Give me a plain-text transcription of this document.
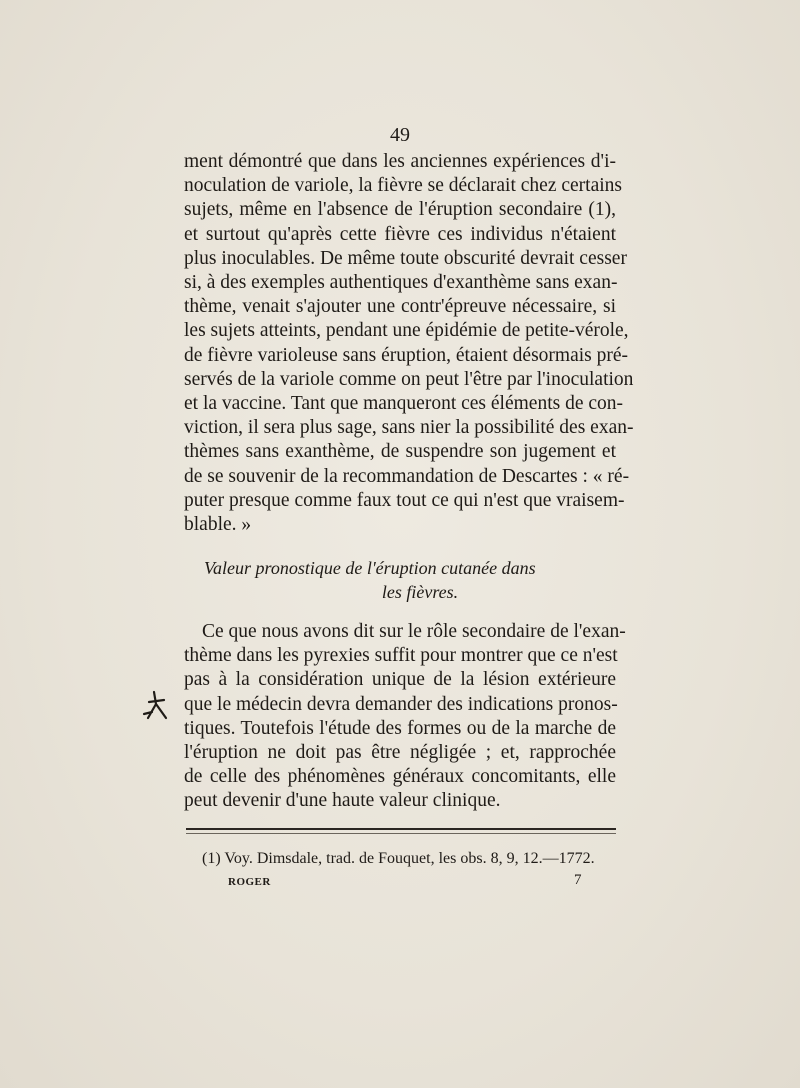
49
ment démontré que dans les anciennes expériences d'i-
noculation de variole, la fièvre se déclarait chez certains
sujets, même en l'absence de l'éruption secondaire (1),
et surtout qu'après cette fièvre ces individus n'étaient
plus inoculables. De même toute obscurité devrait cesser
si, à des exemples authentiques d'exanthème sans exan-
thème, venait s'ajouter une contr'épreuve nécessaire, si
les sujets atteints, pendant une épidémie de petite-vérole,
de fièvre varioleuse sans éruption, étaient désormais pré-
servés de la variole comme on peut l'être par l'inoculation
et la vaccine. Tant que manqueront ces éléments de con-
viction, il sera plus sage, sans nier la possibilité des exan-
thèmes sans exanthème, de suspendre son jugement et
de se souvenir de la recommandation de Descartes : « ré-
puter presque comme faux tout ce qui n'est que vraisem-
blable. »
Valeur pronostique de l'éruption cutanée dans
les fièvres.
Ce que nous avons dit sur le rôle secondaire de l'exan-
thème dans les pyrexies suffit pour montrer que ce n'est
pas à la considération unique de la lésion extérieure
que le médecin devra demander des indications pronos-
tiques. Toutefois l'étude des formes ou de la marche de
l'éruption ne doit pas être négligée ; et, rapprochée
de celle des phénomènes généraux concomitants, elle
peut devenir d'une haute valeur clinique.
(1) Voy. Dimsdale, trad. de Fouquet, les obs. 8, 9, 12.—1772.
ROGER	7
